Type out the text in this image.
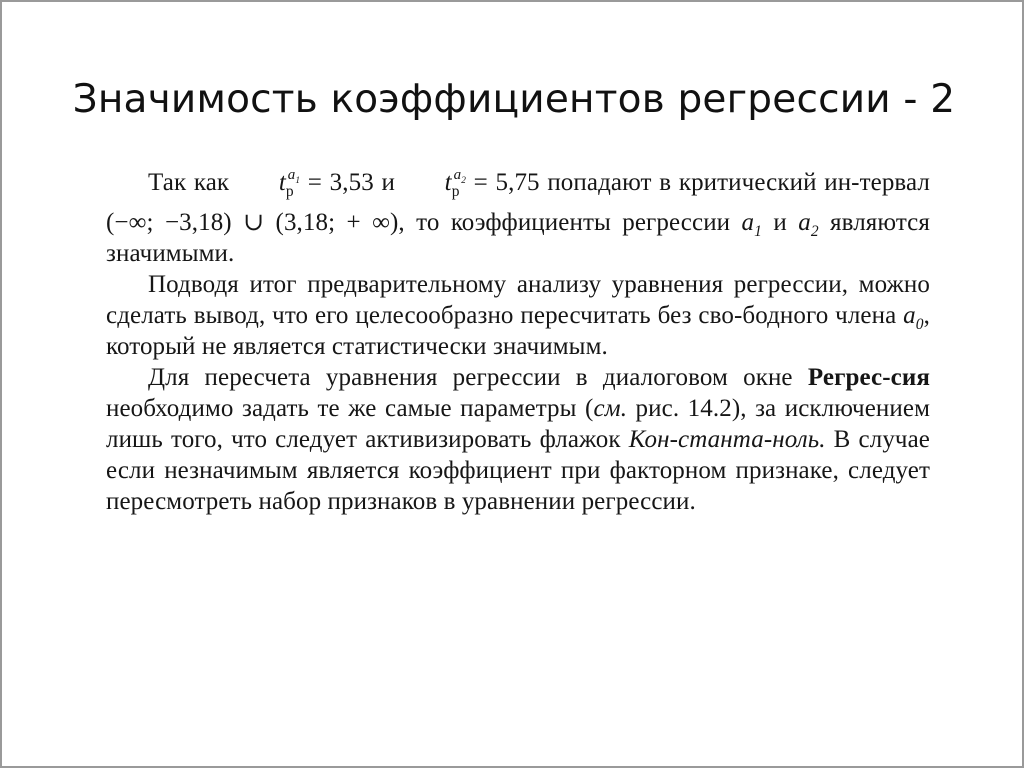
Значимость коэффициентов регрессии - 2

Так как $t_p^{a_1} = 3,53$ и $t_p^{a_2} = 5,75$ попадают в критический ин-тервал (−∞; −3,18) ∪ (3,18; + ∞), то коэффициенты регрессии $a_1$ и $a_2$ являются значимыми.

Подводя итог предварительному анализу уравнения регрессии, можно сделать вывод, что его целесообразно пересчитать без сво-бодного члена $a_0$, который не является статистически значимым.

Для пересчета уравнения регрессии в диалоговом окне Регрес-сия необходимо задать те же самые параметры (см. рис. 14.2), за исключением лишь того, что следует активизировать флажок Кон-станта-ноль. В случае если незначимым является коэффициент при факторном признаке, следует пересмотреть набор признаков в уравнении регрессии.
